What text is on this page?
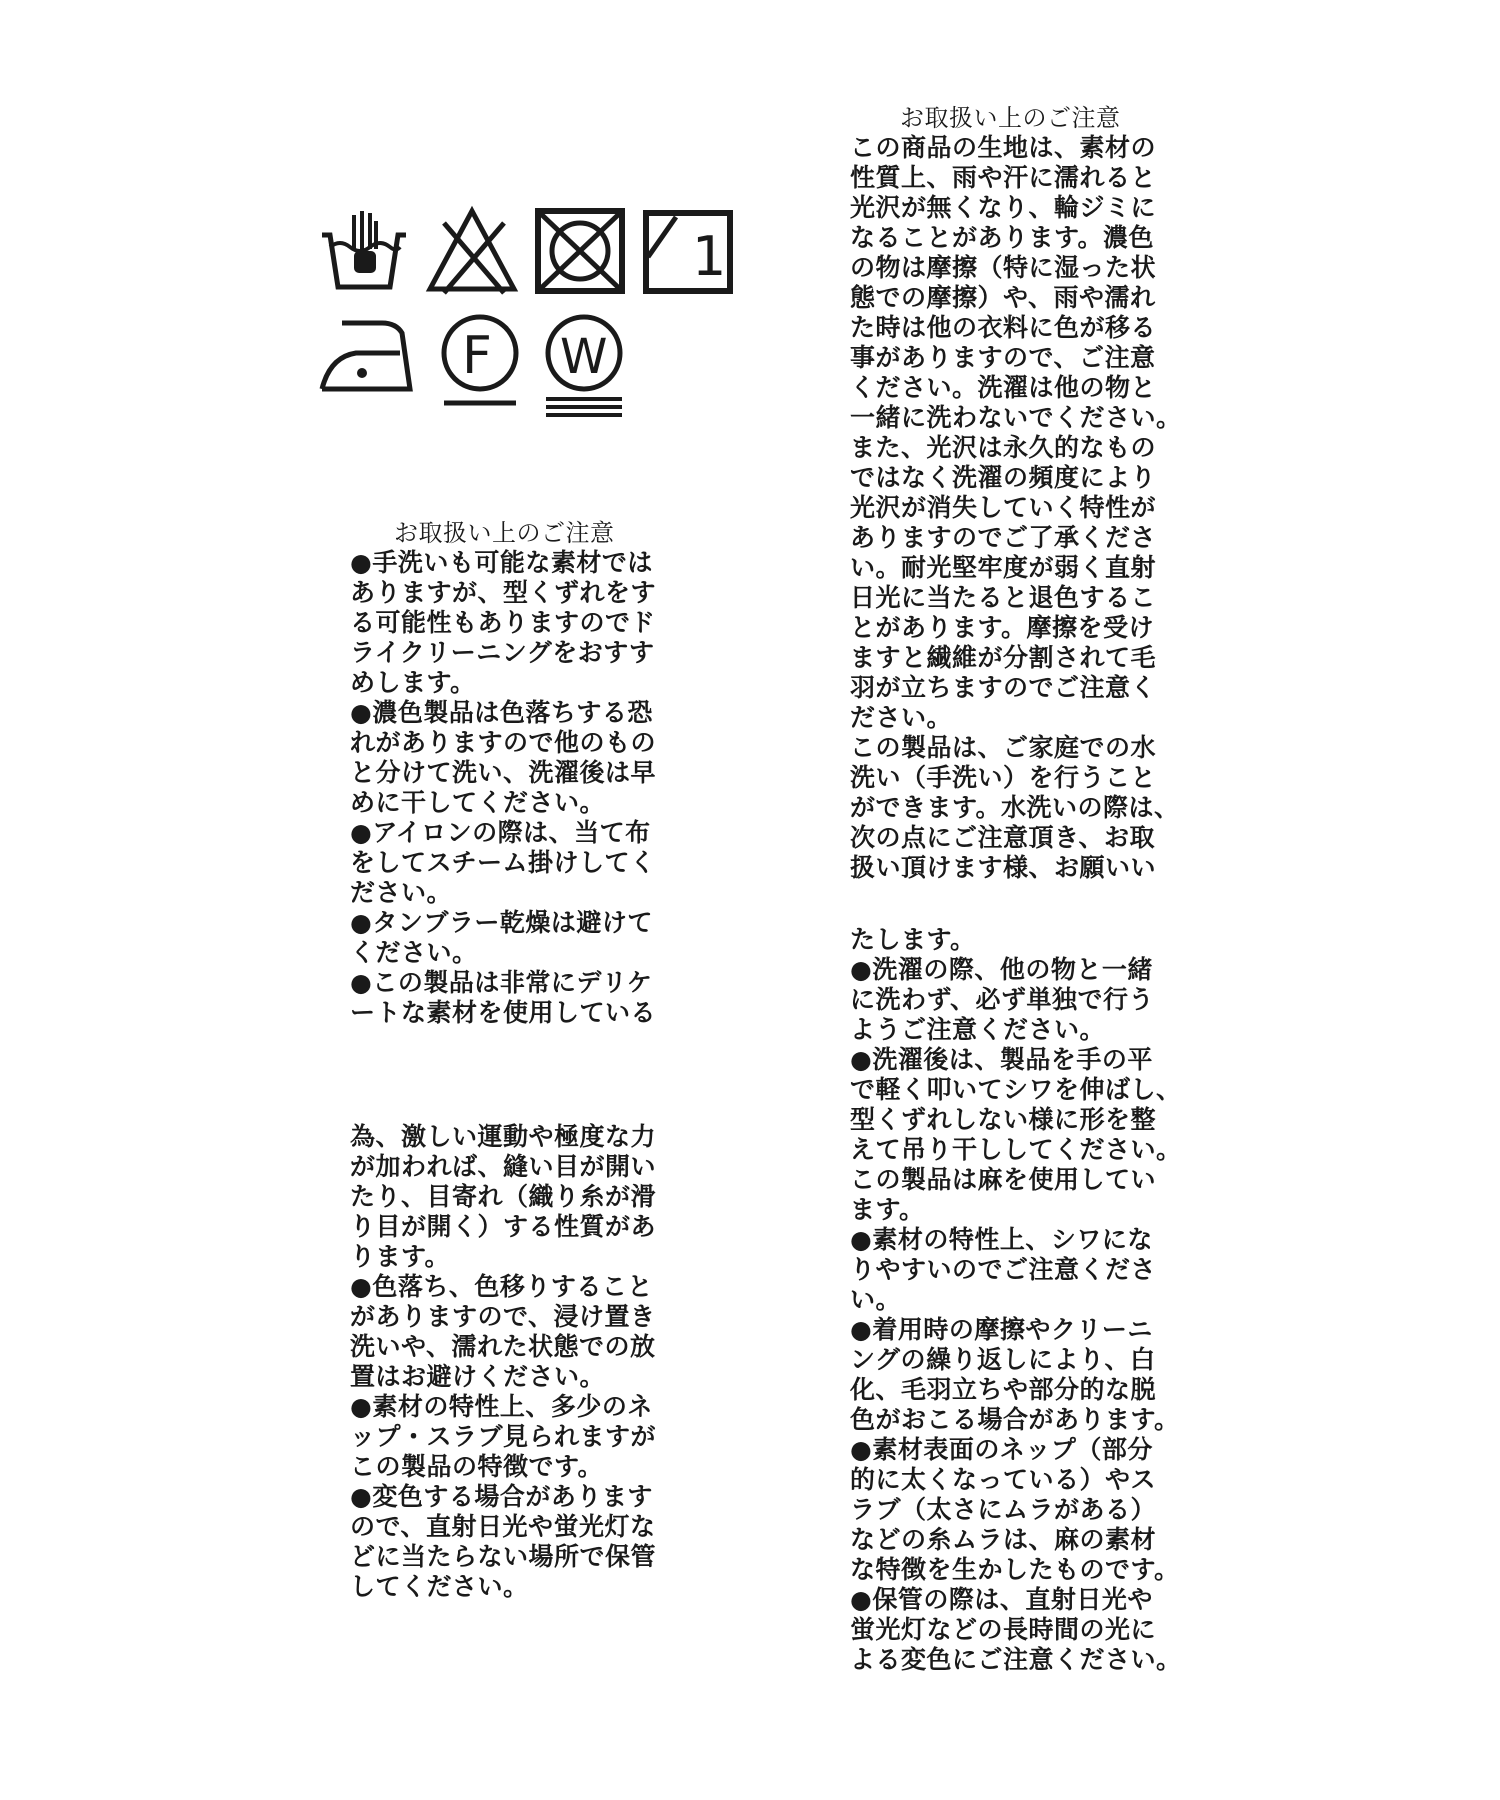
1
F W
お取扱い上のご注意
●手洗いも可能な素材では
ありますが、型くずれをす
る可能性もありますのでド
ライクリーニングをおすす
めします。
●濃色製品は色落ちする恐
れがありますので他のもの
と分けて洗い、洗濯後は早
めに干してください。
●アイロンの際は、当て布
をしてスチーム掛けしてく
ださい。
●タンブラー乾燥は避けて
ください。
●この製品は非常にデリケ
ートな素材を使用している
為、激しい運動や極度な力
が加われば、縫い目が開い
たり、目寄れ（織り糸が滑
り目が開く）する性質があ
ります。
●色落ち、色移りすること
がありますので、浸け置き
洗いや、濡れた状態での放
置はお避けください。
●素材の特性上、多少のネ
ップ・スラブ見られますが
この製品の特徴です。
●変色する場合があります
ので、直射日光や蛍光灯な
どに当たらない場所で保管
してください。
お取扱い上のご注意
この商品の生地は、素材の
性質上、雨や汗に濡れると
光沢が無くなり、輪ジミに
なることがあります。濃色
の物は摩擦（特に湿った状
態での摩擦）や、雨や濡れ
た時は他の衣料に色が移る
事がありますので、ご注意
ください。洗濯は他の物と
一緒に洗わないでください。
また、光沢は永久的なもの
ではなく洗濯の頻度により
光沢が消失していく特性が
ありますのでご了承くださ
い。耐光堅牢度が弱く直射
日光に当たると退色するこ
とがあります。摩擦を受け
ますと繊維が分割されて毛
羽が立ちますのでご注意く
ださい。
この製品は、ご家庭での水
洗い（手洗い）を行うこと
ができます。水洗いの際は、
次の点にご注意頂き、お取
扱い頂けます様、お願いい
たします。
●洗濯の際、他の物と一緒
に洗わず、必ず単独で行う
ようご注意ください。
●洗濯後は、製品を手の平
で軽く叩いてシワを伸ばし、
型くずれしない様に形を整
えて吊り干ししてください。
この製品は麻を使用してい
ます。
●素材の特性上、シワにな
りやすいのでご注意くださ
い。
●着用時の摩擦やクリーニ
ングの繰り返しにより、白
化、毛羽立ちや部分的な脱
色がおこる場合があります。
●素材表面のネップ（部分
的に太くなっている）やス
ラブ（太さにムラがある）
などの糸ムラは、麻の素材
な特徴を生かしたものです。
●保管の際は、直射日光や
蛍光灯などの長時間の光に
よる変色にご注意ください。
